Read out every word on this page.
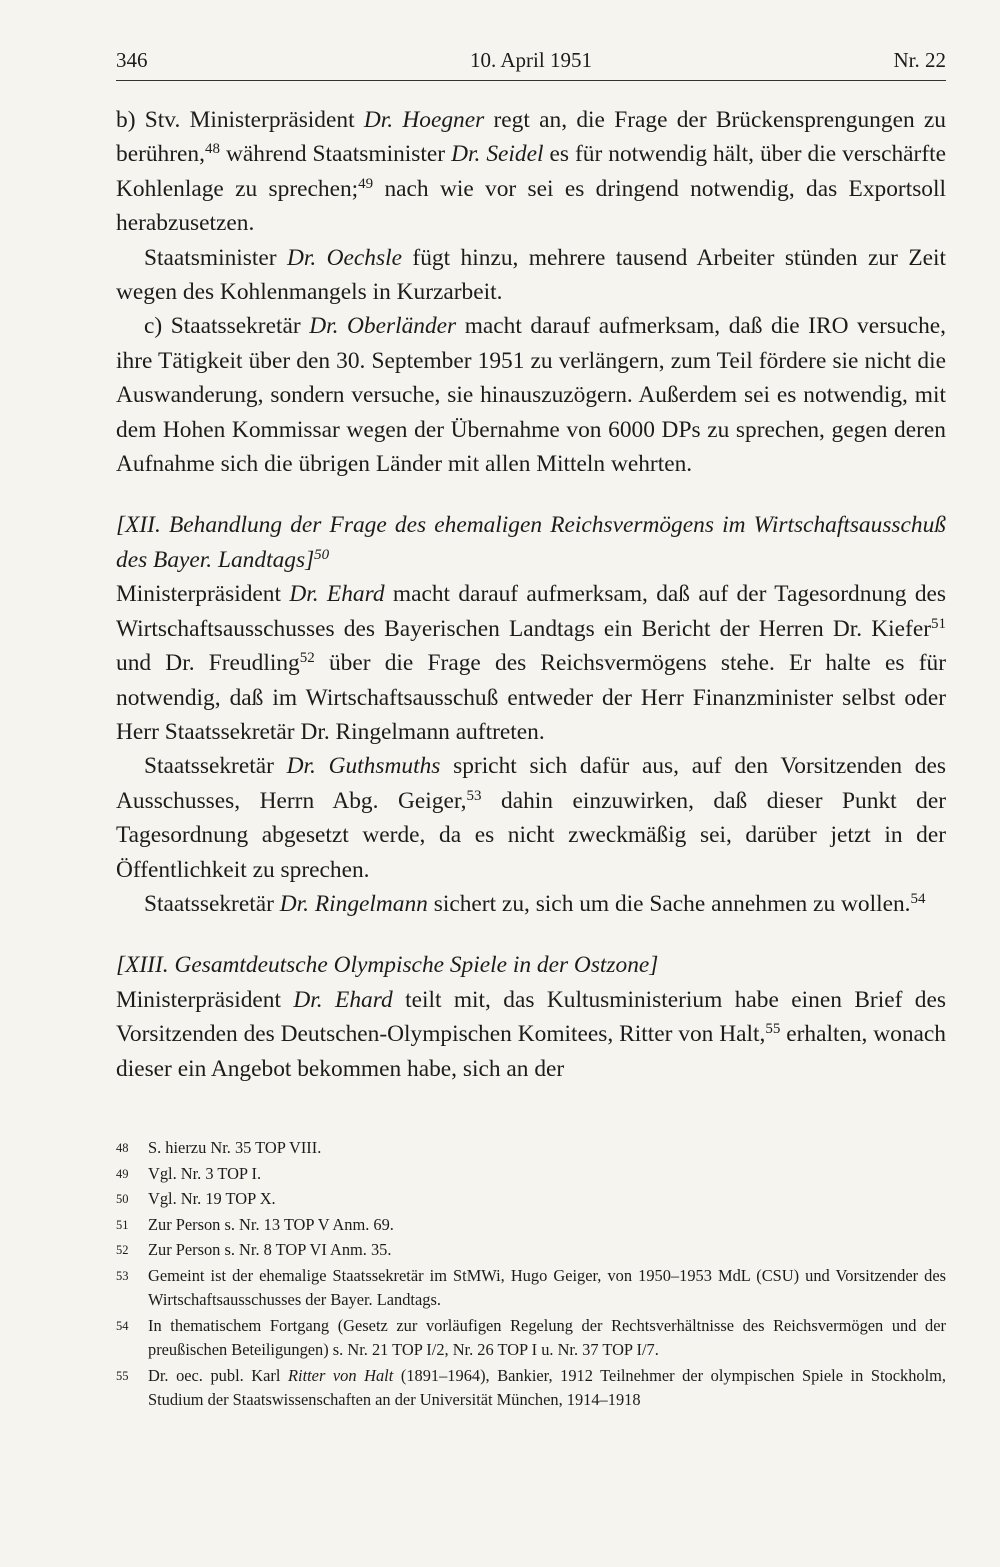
346	10. April 1951	Nr. 22

b) Stv. Ministerpräsident Dr. Hoegner regt an, die Frage der Brückensprengungen zu berühren,$^{48}$ während Staatsminister Dr. Seidel es für notwendig hält, über die verschärfte Kohlenlage zu sprechen;$^{49}$ nach wie vor sei es dringend notwendig, das Exportsoll herabzusetzen.

Staatsminister Dr. Oechsle fügt hinzu, mehrere tausend Arbeiter stünden zur Zeit wegen des Kohlenmangels in Kurzarbeit.

c) Staatssekretär Dr. Oberländer macht darauf aufmerksam, daß die IRO versuche, ihre Tätigkeit über den 30. September 1951 zu verlängern, zum Teil fördere sie nicht die Auswanderung, sondern versuche, sie hinauszuzögern. Außerdem sei es notwendig, mit dem Hohen Kommissar wegen der Übernahme von 6000 DPs zu sprechen, gegen deren Aufnahme sich die übrigen Länder mit allen Mitteln wehrten.

[XII. Behandlung der Frage des ehemaligen Reichsvermögens im Wirtschaftsausschuß des Bayer. Landtags]$^{50}$

Ministerpräsident Dr. Ehard macht darauf aufmerksam, daß auf der Tagesordnung des Wirtschaftsausschusses des Bayerischen Landtags ein Bericht der Herren Dr. Kiefer$^{51}$ und Dr. Freudling$^{52}$ über die Frage des Reichsvermögens stehe. Er halte es für notwendig, daß im Wirtschaftsausschuß entweder der Herr Finanzminister selbst oder Herr Staatssekretär Dr. Ringelmann auftreten.

Staatssekretär Dr. Guthsmuths spricht sich dafür aus, auf den Vorsitzenden des Ausschusses, Herrn Abg. Geiger,$^{53}$ dahin einzuwirken, daß dieser Punkt der Tagesordnung abgesetzt werde, da es nicht zweckmäßig sei, darüber jetzt in der Öffentlichkeit zu sprechen.

Staatssekretär Dr. Ringelmann sichert zu, sich um die Sache annehmen zu wollen.$^{54}$

[XIII. Gesamtdeutsche Olympische Spiele in der Ostzone]

Ministerpräsident Dr. Ehard teilt mit, das Kultusministerium habe einen Brief des Vorsitzenden des Deutschen-Olympischen Komitees, Ritter von Halt,$^{55}$ erhalten, wonach dieser ein Angebot bekommen habe, sich an der

48 S. hierzu Nr. 35 TOP VIII.
49 Vgl. Nr. 3 TOP I.
50 Vgl. Nr. 19 TOP X.
51 Zur Person s. Nr. 13 TOP V Anm. 69.
52 Zur Person s. Nr. 8 TOP VI Anm. 35.
53 Gemeint ist der ehemalige Staatssekretär im StMWi, Hugo Geiger, von 1950–1953 MdL (CSU) und Vorsitzender des Wirtschaftsausschusses der Bayer. Landtags.
54 In thematischem Fortgang (Gesetz zur vorläufigen Regelung der Rechtsverhältnisse des Reichsvermögen und der preußischen Beteiligungen) s. Nr. 21 TOP I/2, Nr. 26 TOP I u. Nr. 37 TOP I/7.
55 Dr. oec. publ. Karl Ritter von Halt (1891–1964), Bankier, 1912 Teilnehmer der olympischen Spiele in Stockholm, Studium der Staatswissenschaften an der Universität München, 1914–1918
